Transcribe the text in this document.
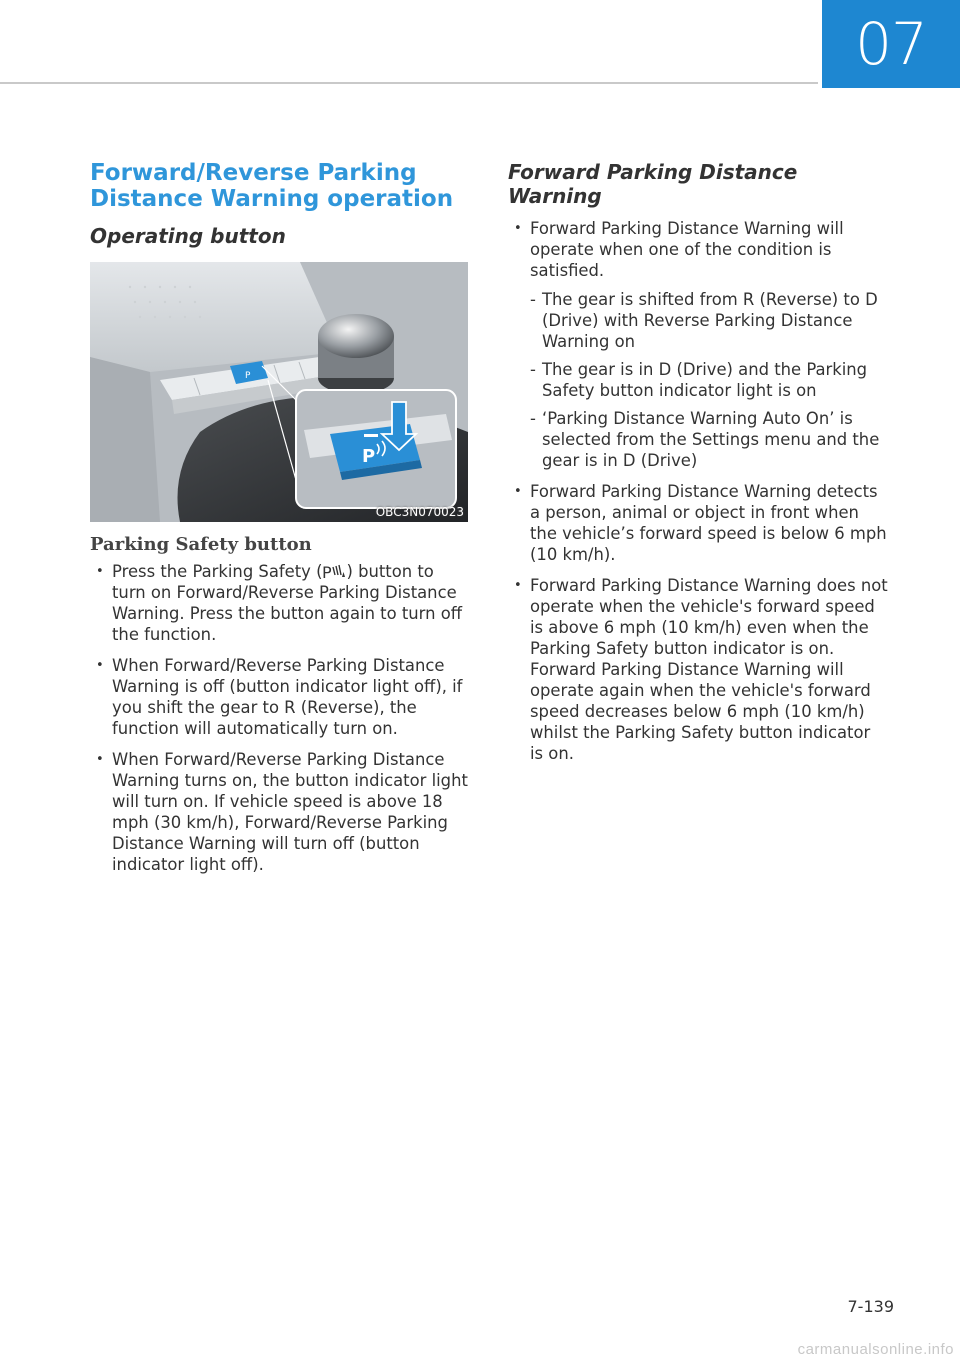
07
Forward/Reverse Parking
Distance Warning operation
Operating button
P
P
OBC3N070023
Parking Safety button
• Press the Parking Safety ( P ) button to turn on Forward/Reverse Parking Distance Warning. Press the button again to turn off the function.
• When Forward/Reverse Parking Distance Warning is off (button indicator light off), if you shift the gear to R (Reverse), the function will automatically turn on.
• When Forward/Reverse Parking Distance Warning turns on, the button indicator light will turn on. If vehicle speed is above 18 mph (30 km/h), Forward/Reverse Parking Distance Warning will turn off (button indicator light off).
Forward Parking Distance Warning
• Forward Parking Distance Warning will operate when one of the condition is satisfied.
- The gear is shifted from R (Reverse) to D (Drive) with Reverse Parking Distance Warning on
- The gear is in D (Drive) and the Parking Safety button indicator light is on
- ‘Parking Distance Warning Auto On’ is selected from the Settings menu and the gear is in D (Drive)
• Forward Parking Distance Warning detects a person, animal or object in front when the vehicle’s forward speed is below 6 mph (10 km/h).
• Forward Parking Distance Warning does not operate when the vehicle's forward speed is above 6 mph (10 km/h) even when the Parking Safety button indicator is on. Forward Parking Distance Warning will operate again when the vehicle's forward speed decreases below 6 mph (10 km/h) whilst the Parking Safety button indicator is on.
7-139
carmanualsonline.info
